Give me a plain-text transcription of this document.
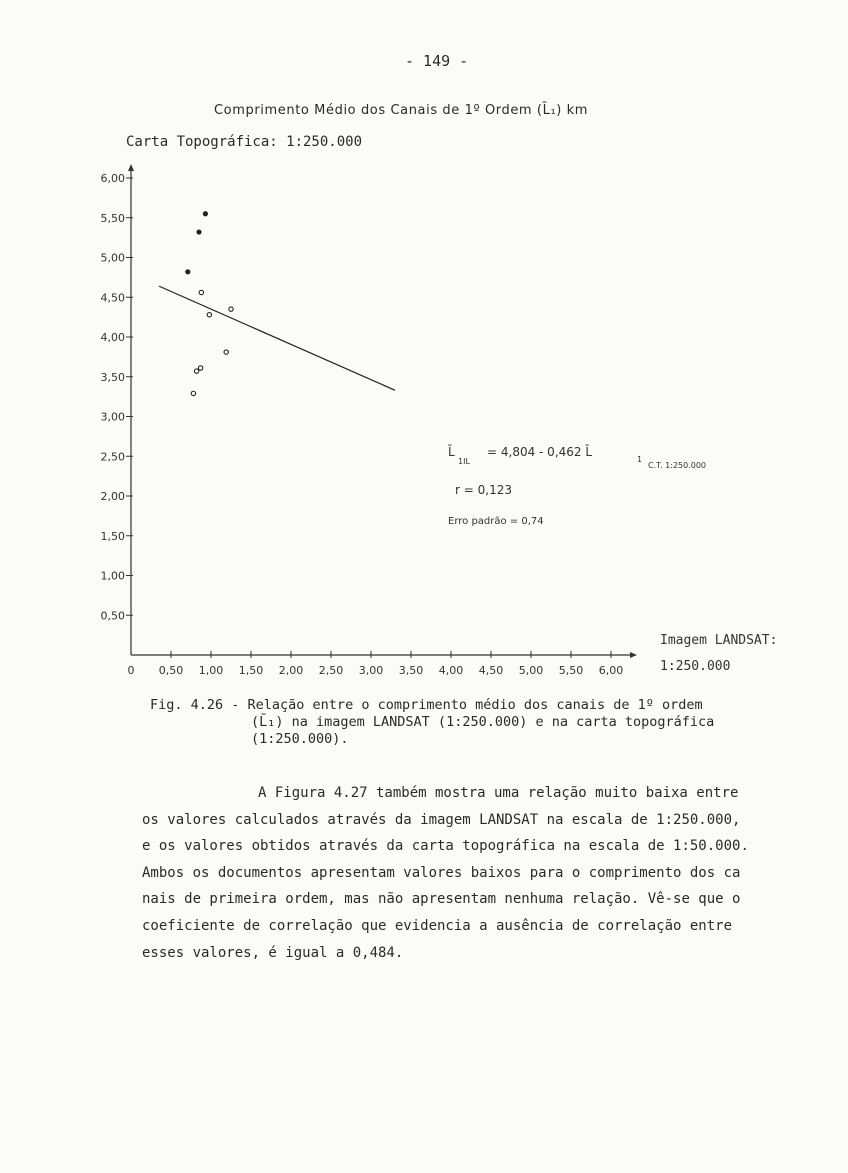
- 149 -
Comprimento Médio dos Canais de 1º Ordem (L̄₁) km
Carta Topográfica: 1:250.000
0 0,50 1,00 1,50 2,00 2,50 3,00 3,50 4,00 4,50 5,00 5,50 6,00
0,50
1,00
1,50
2,00
2,50
3,00
3,50
4,00
4,50
5,00
5,50
6,00
Imagem LANDSAT:
1:250.000
L̄
1IL
= 4,804 - 0,462 L̄
1
C.T. 1:250.000
r = 0,123
Erro padrão = 0,74
Fig. 4.26 - Relação entre o comprimento médio dos canais de 1º ordem
(L̄₁) na imagem LANDSAT (1:250.000) e na carta topográfica
(1:250.000).
A Figura 4.27 também mostra uma relação muito baixa entre
os valores calculados através da imagem LANDSAT na escala de 1:250.000,
e os valores obtidos através da carta topográfica na escala de 1:50.000.
Ambos os documentos apresentam valores baixos para o comprimento dos ca
nais de primeira ordem, mas não apresentam nenhuma relação. Vê-se que o
coeficiente de correlação que evidencia a ausência de correlação entre
esses valores, é igual a 0,484.
